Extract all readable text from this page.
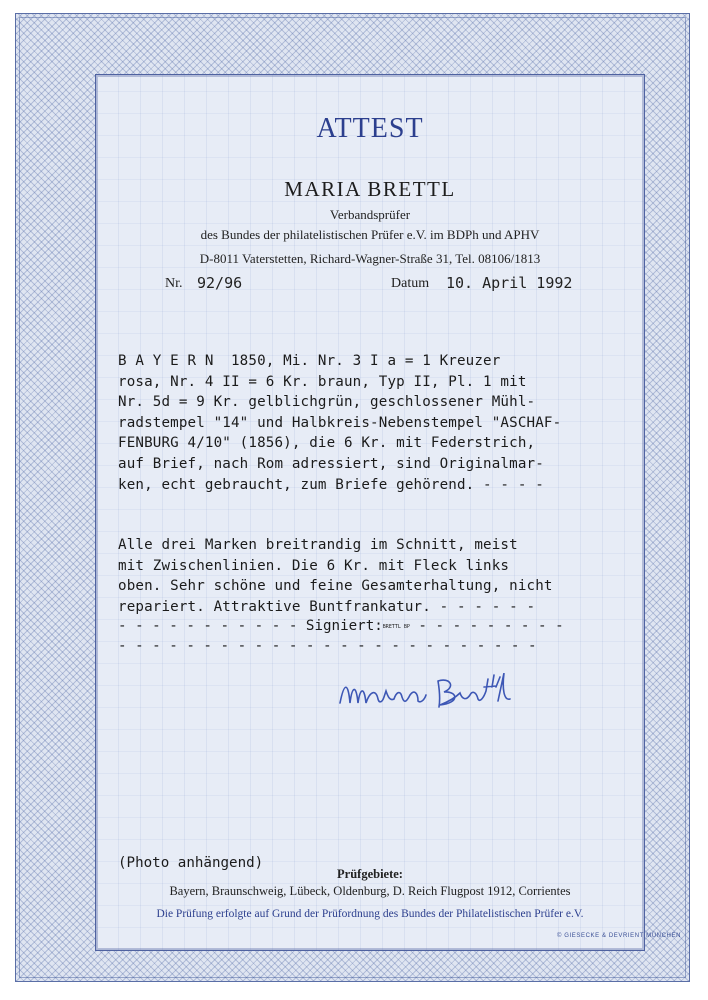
ATTEST
MARIA BRETTL
Verbandsprüfer
des Bundes der philatelistischen Prüfer e.V. im BDPh und APHV
D-8011 Vaterstetten, Richard-Wagner-Straße 31, Tel. 08106/1813
Nr. 92/96	Datum 10. April 1992
B A Y E R N  1850, Mi. Nr. 3 I a = 1 Kreuzer
rosa, Nr. 4 II = 6 Kr. braun, Typ II, Pl. 1 mit
Nr. 5d = 9 Kr. gelblichgrün, geschlossener Mühl-
radstempel "14" und Halbkreis-Nebenstempel "ASCHAF-
FENBURG 4/10" (1856), die 6 Kr. mit Federstrich,
auf Brief, nach Rom adressiert, sind Originalmar-
ken, echt gebraucht, zum Briefe gehörend. - - - -
Alle drei Marken breitrandig im Schnitt, meist
mit Zwischenlinien. Die 6 Kr. mit Fleck links
oben. Sehr schöne und feine Gesamterhaltung, nicht
repariert. Attraktive Buntfrankatur. - - - - - -
- - - - - - - - - - - Signiert:BRETTL BP - - - - - - - - -
- - - - - - - - - - - - - - - - - - - - - - - - -
(Photo anhängend)
Prüfgebiete:
Bayern, Braunschweig, Lübeck, Oldenburg, D. Reich Flugpost 1912, Corrientes
Die Prüfung erfolgte auf Grund der Prüfordnung des Bundes der Philatelistischen Prüfer e.V.
© GIESECKE & DEVRIENT MÜNCHEN
